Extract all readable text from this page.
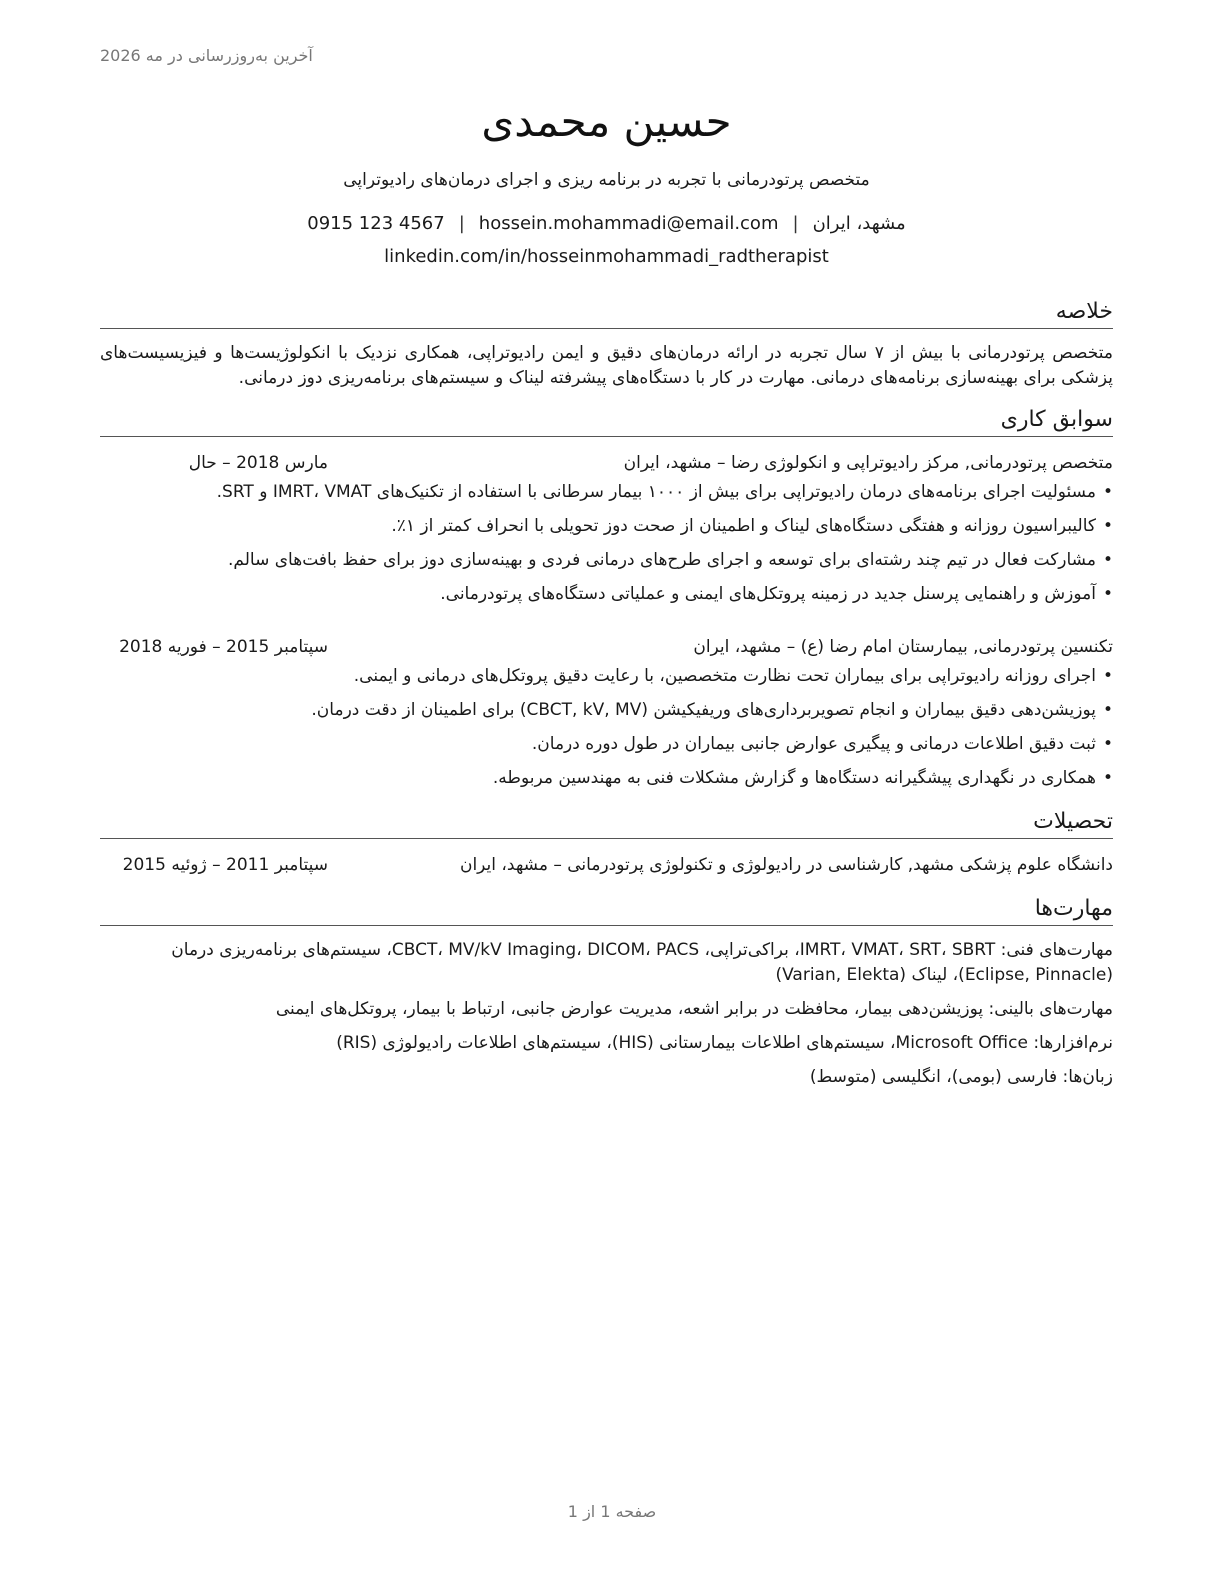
آخرین به‌روزرسانی در مه 2026
حسین محمدی
متخصص پرتودرمانی با تجربه در برنامه ریزی و اجرای درمان‌های رادیوتراپی
مشهد، ایران|hossein.mohammadi@email.com|0915 123 4567
linkedin.com/in/hosseinmohammadi_radtherapist
خلاصه

متخصص پرتودرمانی با بیش از ۷ سال تجربه در ارائه درمان‌های دقیق و ایمن رادیوتراپی، همکاری نزدیک با انکولوژیست‌ها و فیزیسیست‌های پزشکی برای بهینه‌سازی برنامه‌های درمانی. مهارت در کار با دستگاه‌های پیشرفته لیناک و سیستم‌های برنامه‌ریزی دوز درمانی.

سوابق کاری
متخصص پرتودرمانی, مرکز رادیوتراپی و انکولوژی رضا – مشهد، ایران
مارس 2018 – حال
• مسئولیت اجرای برنامه‌های درمان رادیوتراپی برای بیش از ۱۰۰۰ بیمار سرطانی با استفاده از تکنیک‌های IMRT، VMAT و SRT.
• کالیبراسیون روزانه و هفتگی دستگاه‌های لیناک و اطمینان از صحت دوز تحویلی با انحراف کمتر از ۱٪.
• مشارکت فعال در تیم چند رشته‌ای برای توسعه و اجرای طرح‌های درمانی فردی و بهینه‌سازی دوز برای حفظ بافت‌های سالم.
• آموزش و راهنمایی پرسنل جدید در زمینه پروتکل‌های ایمنی و عملیاتی دستگاه‌های پرتودرمانی.
تکنسین پرتودرمانی, بیمارستان امام رضا (ع) – مشهد، ایران
سپتامبر 2015 – فوریه 2018
• اجرای روزانه رادیوتراپی برای بیماران تحت نظارت متخصصین، با رعایت دقیق پروتکل‌های درمانی و ایمنی.
• پوزیشن‌دهی دقیق بیماران و انجام تصویربرداری‌های وریفیکیشن (CBCT, kV, MV) برای اطمینان از دقت درمان.
• ثبت دقیق اطلاعات درمانی و پیگیری عوارض جانبی بیماران در طول دوره درمان.
• همکاری در نگهداری پیشگیرانه دستگاه‌ها و گزارش مشکلات فنی به مهندسین مربوطه.
تحصیلات
دانشگاه علوم پزشکی مشهد, کارشناسی در رادیولوژی و تکنولوژی پرتودرمانی – مشهد، ایران
سپتامبر 2011 – ژوئیه 2015
مهارت‌ها

مهارت‌های فنی: IMRT، VMAT، SRT، SBRT، براکی‌تراپی، CBCT، MV/kV Imaging، DICOM، PACS، سیستم‌های برنامه‌ریزی درمان (Eclipse, Pinnacle)، لیناک (Varian, Elekta)

مهارت‌های بالینی: پوزیشن‌دهی بیمار، محافظت در برابر اشعه، مدیریت عوارض جانبی، ارتباط با بیمار، پروتکل‌های ایمنی

نرم‌افزارها: Microsoft Office، سیستم‌های اطلاعات بیمارستانی (HIS)، سیستم‌های اطلاعات رادیولوژی (RIS)

زبان‌ها: فارسی (بومی)، انگلیسی (متوسط)

صفحه 1 از 1
